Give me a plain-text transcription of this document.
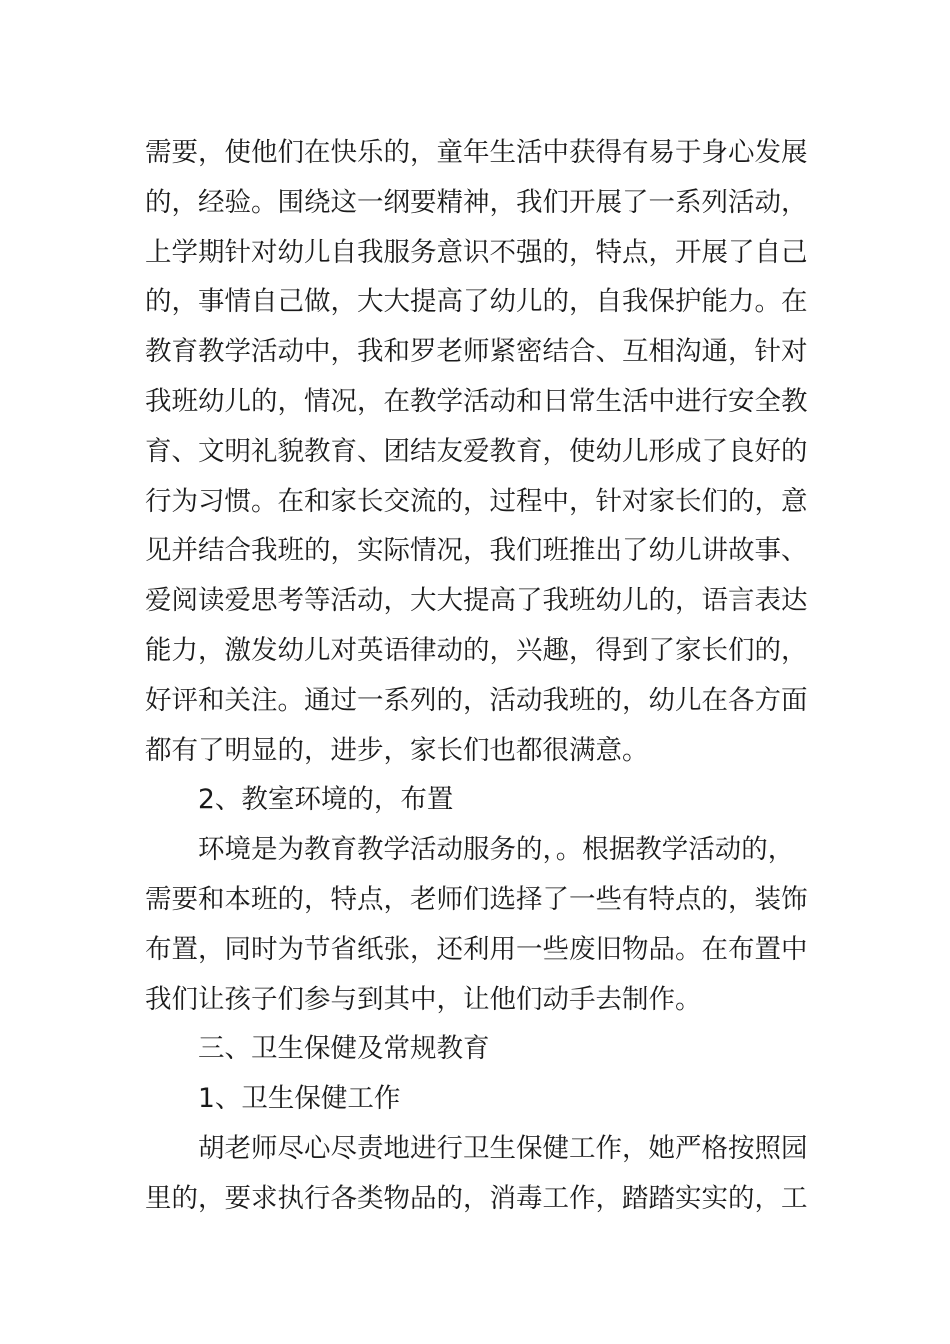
需要，使他们在快乐的，童年生活中获得有易于身心发展
的，经验。围绕这一纲要精神，我们开展了一系列活动，
上学期针对幼儿自我服务意识不强的，特点，开展了自己
的，事情自己做，大大提高了幼儿的，自我保护能力。在
教育教学活动中，我和罗老师紧密结合、互相沟通，针对
我班幼儿的，情况，在教学活动和日常生活中进行安全教
育、文明礼貌教育、团结友爱教育，使幼儿形成了良好的
行为习惯。在和家长交流的，过程中，针对家长们的，意
见并结合我班的，实际情况，我们班推出了幼儿讲故事、
爱阅读爱思考等活动，大大提高了我班幼儿的，语言表达
能力，激发幼儿对英语律动的，兴趣，得到了家长们的，
好评和关注。通过一系列的，活动我班的，幼儿在各方面
都有了明显的，进步，家长们也都很满意。

2、教室环境的，布置

　　环境是为教育教学活动服务的，。根据教学活动的，
需要和本班的，特点，老师们选择了一些有特点的，装饰
布置，同时为节省纸张，还利用一些废旧物品。在布置中
我们让孩子们参与到其中，让他们动手去制作。

三、卫生保健及常规教育

1、卫生保健工作

　　胡老师尽心尽责地进行卫生保健工作，她严格按照园
里的，要求执行各类物品的，消毒工作，踏踏实实的，工
